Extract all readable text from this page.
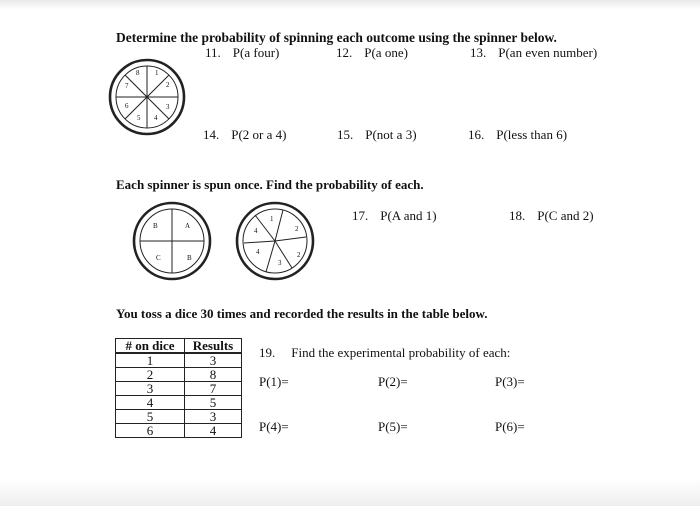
Determine the probability of spinning each outcome using the spinner below.
11. P(a four)	12. P(a one)	13. P(an even number)
1
2
3
4
5
6
7
8
14. P(2 or a 4)	15. P(not a 3)	16. P(less than 6)
Each spinner is spun once. Find the probability of each.
A
B
C	B
1
2
2
3
4
4
17. P(A and 1)	18. P(C and 2)
You toss a dice 30 times and recorded the results in the table below.
# on dice	Results
1	3
2	8
3	7
4	5
5	3
6	4
19. Find the experimental probability of each:
P(1)=	P(2)=	P(3)=
P(4)=	P(5)=	P(6)=
